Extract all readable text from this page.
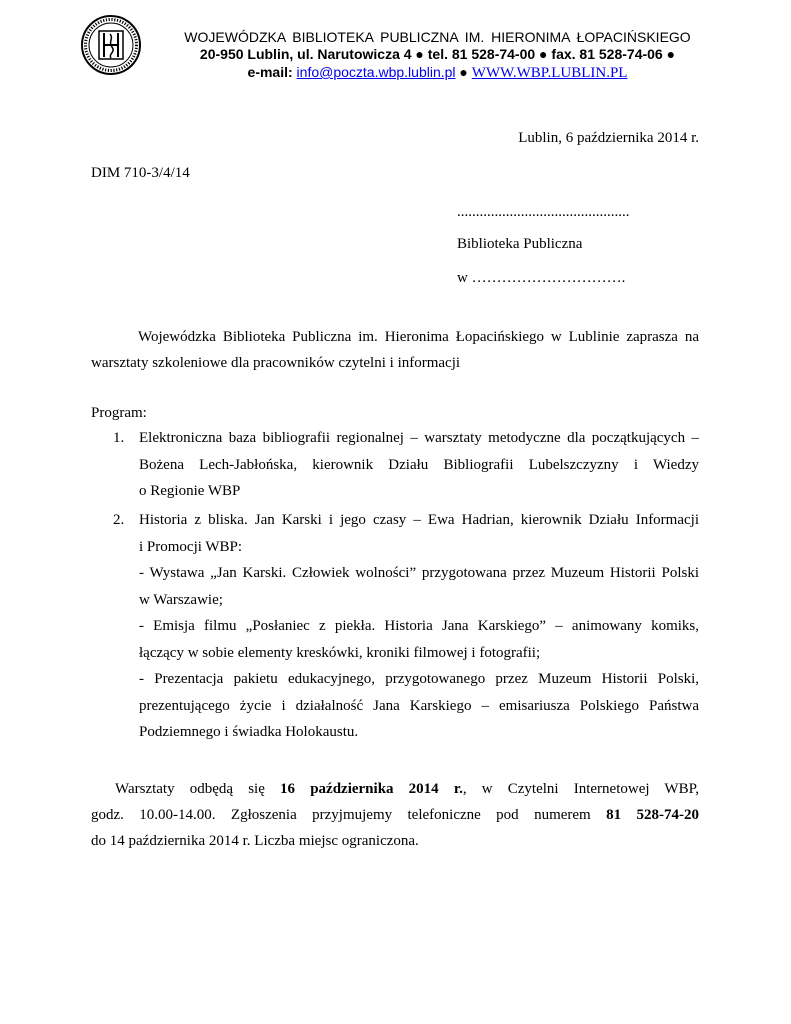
WOJEWÓDZKA BIBLIOTEKA PUBLICZNA IM. HIERONIMA ŁOPACIŃSKIEGO
20-950 Lublin, ul. Narutowicza 4 ● tel. 81 528-74-00 ● fax. 81 528-74-06 ●
e-mail: info@poczta.wbp.lublin.pl ● WWW.WBP.LUBLIN.PL
Lublin, 6 października 2014 r.
DIM 710-3/4/14
..............................................
Biblioteka Publiczna
w ………………………….
Wojewódzka Biblioteka Publiczna im. Hieronima Łopacińskiego w Lublinie zaprasza na
warsztaty szkoleniowe dla pracowników czytelni i informacji
Program:
1. Elektroniczna baza bibliografii regionalnej – warsztaty metodyczne dla początkujących –
Bożena Lech-Jabłońska, kierownik Działu Bibliografii Lubelszczyzny i Wiedzy
o Regionie WBP
2. Historia z bliska. Jan Karski i jego czasy – Ewa Hadrian, kierownik Działu Informacji
i Promocji WBP:
- Wystawa „Jan Karski. Człowiek wolności” przygotowana przez Muzeum Historii Polski
w Warszawie;
- Emisja filmu „Posłaniec z piekła. Historia Jana Karskiego” – animowany komiks,
łączący w sobie elementy kreskówki, kroniki filmowej i fotografii;
- Prezentacja pakietu edukacyjnego, przygotowanego przez Muzeum Historii Polski,
prezentującego życie i działalność Jana Karskiego – emisariusza Polskiego Państwa
Podziemnego i świadka Holokaustu.
Warsztaty odbędą się 16 października 2014 r., w Czytelni Internetowej WBP,
godz. 10.00-14.00. Zgłoszenia przyjmujemy telefoniczne pod numerem 81 528-74-20
do 14 października 2014 r. Liczba miejsc ograniczona.
